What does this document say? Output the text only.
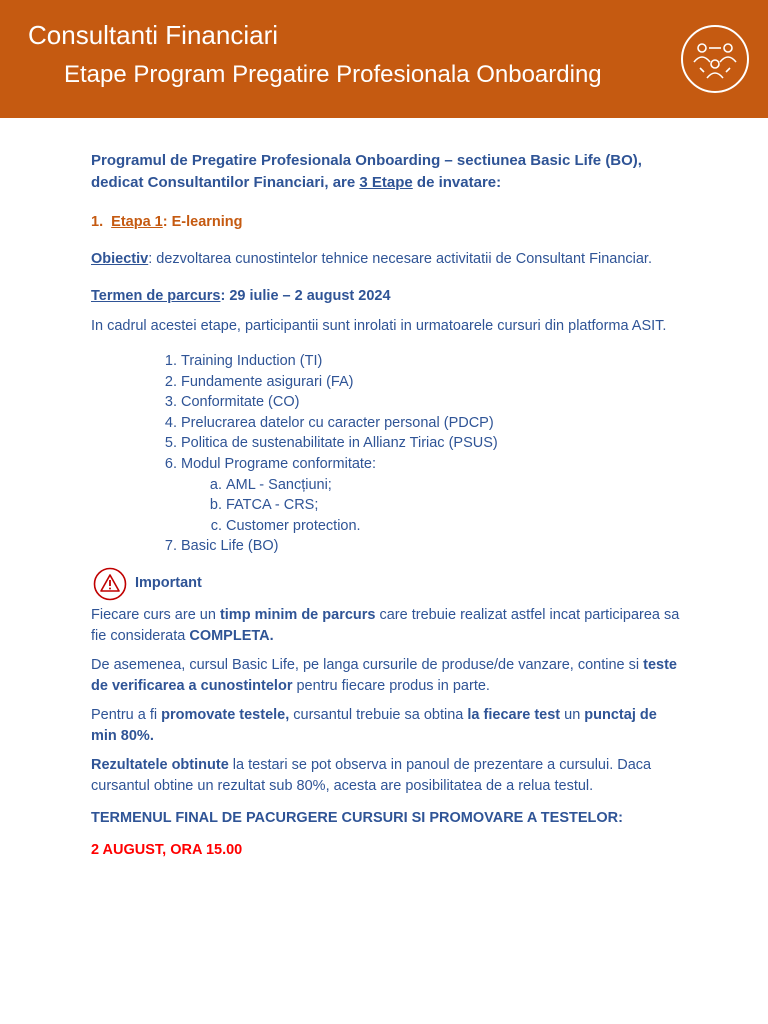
Consultanti Financiari
Etape Program Pregatire Profesionala Onboarding

Programul de Pregatire Profesionala Onboarding – sectiunea Basic Life (BO), dedicat Consultantilor Financiari, are 3 Etape de invatare:

1. Etapa 1: E-learning

Obiectiv: dezvoltarea cunostintelor tehnice necesare activitatii de Consultant Financiar.

Termen de parcurs: 29 iulie – 2 august 2024

In cadrul acestei etape, participantii sunt inrolati in urmatoarele cursuri din platforma ASIT.

1. Training Induction (TI)
2. Fundamente asigurari (FA)
3. Conformitate (CO)
4. Prelucrarea datelor cu caracter personal (PDCP)
5. Politica de sustenabilitate in Allianz Tiriac (PSUS)
6. Modul Programe conformitate:
a. AML - Sancțiuni;
b. FATCA - CRS;
c. Customer protection.
7. Basic Life (BO)
Important

Fiecare curs are un timp minim de parcurs care trebuie realizat astfel incat participarea sa fie considerata COMPLETA.

De asemenea, cursul Basic Life, pe langa cursurile de produse/de vanzare, contine si teste de verificarea a cunostintelor pentru fiecare produs in parte.

Pentru a fi promovate testele, cursantul trebuie sa obtina la fiecare test un punctaj de min 80%.

Rezultatele obtinute la testari se pot observa in panoul de prezentare a cursului. Daca cursantul obtine un rezultat sub 80%, acesta are posibilitatea de a relua testul.

TERMENUL FINAL DE PACURGERE CURSURI SI PROMOVARE A TESTELOR:

2 AUGUST, ORA 15.00
